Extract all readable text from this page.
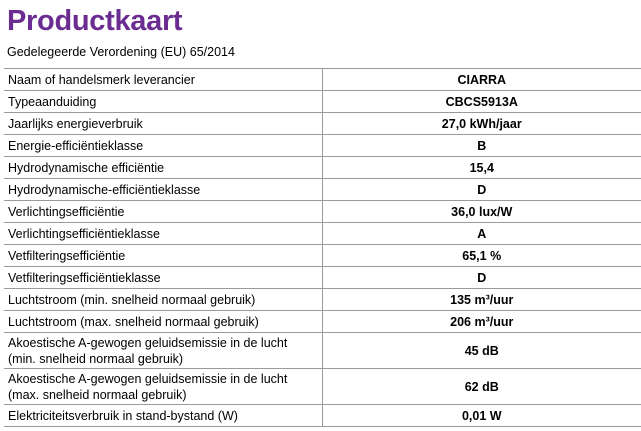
Productkaart

Gedelegeerde Verordening (EU) 65/2014

Naam of handelsmerk leverancier	CIARRA
Typeaanduiding	CBCS5913A
Jaarlijks energieverbruik	27,0 kWh/jaar
Energie-efficiëntieklasse	B
Hydrodynamische efficiëntie	15,4
Hydrodynamische-efficiëntieklasse	D
Verlichtingsefficiëntie	36,0 lux/W
Verlichtingsefficiëntieklasse	A
Vetfilteringsefficiëntie	65,1 %
Vetfilteringsefficiëntieklasse	D
Luchtstroom (min. snelheid normaal gebruik)	135 m³/uur
Luchtstroom (max. snelheid normaal gebruik)	206 m³/uur
Akoestische A-gewogen geluidsemissie in de lucht (min. snelheid normaal gebruik)	45 dB
Akoestische A-gewogen geluidsemissie in de lucht (max. snelheid normaal gebruik)	62 dB
Elektriciteitsverbruik in stand-bystand (W)	0,01 W
